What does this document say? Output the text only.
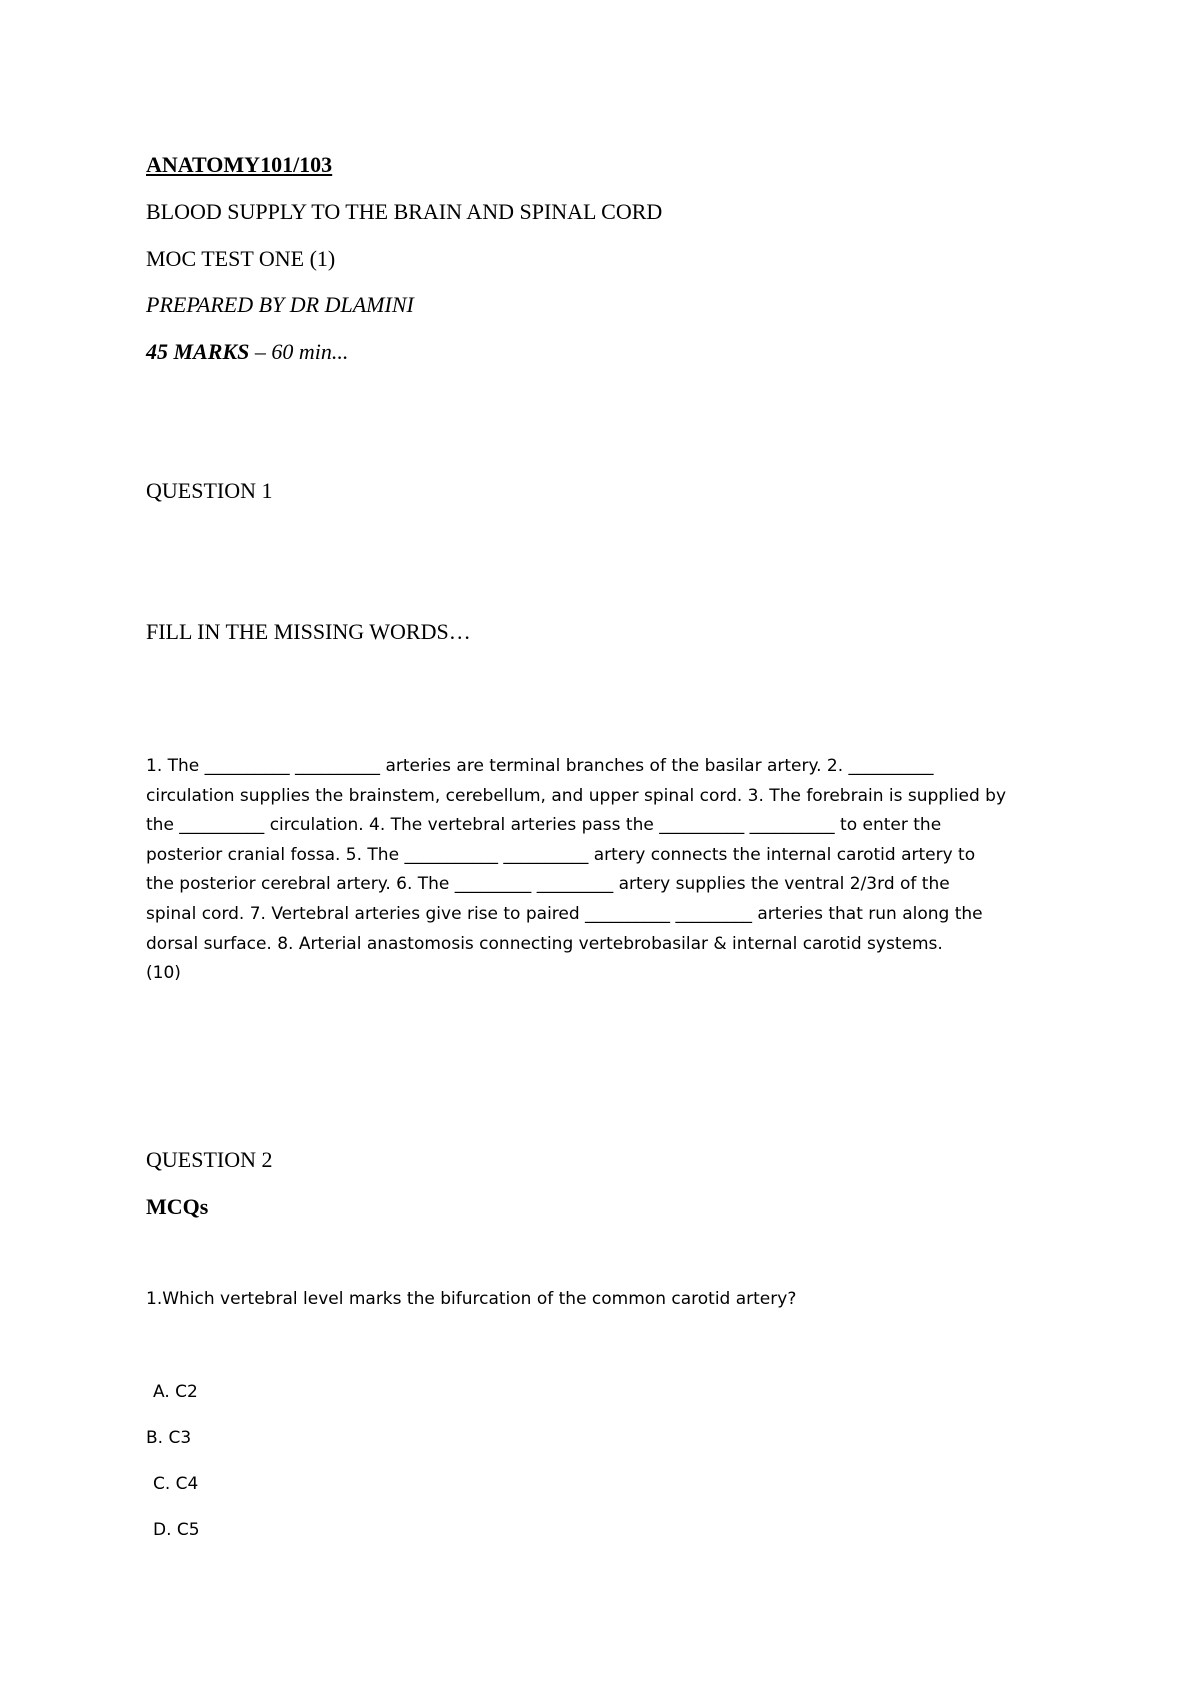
ANATOMY101/103

BLOOD SUPPLY TO THE BRAIN AND SPINAL CORD

MOC TEST ONE (1)

PREPARED BY DR DLAMINI

45 MARKS – 60 min...

QUESTION 1

FILL IN THE MISSING WORDS…

1. The __________ __________ arteries are terminal branches of the basilar artery. 2. __________
circulation supplies the brainstem, cerebellum, and upper spinal cord. 3. The forebrain is supplied by
the __________ circulation. 4. The vertebral arteries pass the __________ __________ to enter the
posterior cranial fossa. 5. The ___________ __________ artery connects the internal carotid artery to
the posterior cerebral artery. 6. The _________ _________ artery supplies the ventral 2/3rd of the
spinal cord. 7. Vertebral arteries give rise to paired __________ _________ arteries that run along the
dorsal surface. 8. Arterial anastomosis connecting vertebrobasilar & internal carotid systems.
(10)

QUESTION 2

MCQs

1.Which vertebral level marks the bifurcation of the common carotid artery?

A. C2

B. C3

C. C4

D. C5
